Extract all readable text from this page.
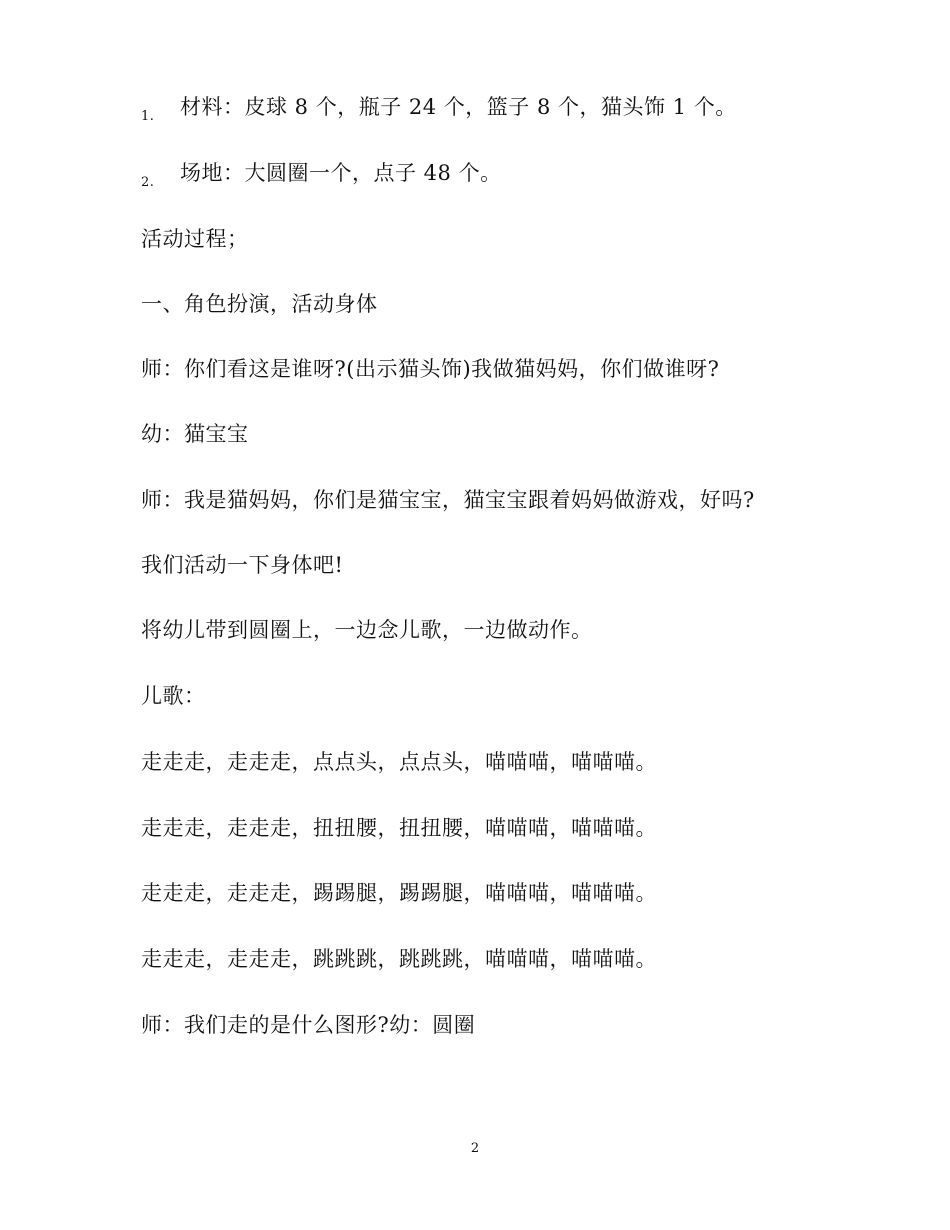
1. 材料：皮球 8 个，瓶子 24 个，篮子 8 个，猫头饰 1 个。
2. 场地：大圆圈一个，点子 48 个。
活动过程；
一、角色扮演，活动身体
师：你们看这是谁呀?(出示猫头饰)我做猫妈妈，你们做谁呀?
幼：猫宝宝
师：我是猫妈妈，你们是猫宝宝，猫宝宝跟着妈妈做游戏，好吗?
我们活动一下身体吧!
将幼儿带到圆圈上，一边念儿歌，一边做动作。
儿歌：
走走走，走走走，点点头，点点头，喵喵喵，喵喵喵。
走走走，走走走，扭扭腰，扭扭腰，喵喵喵，喵喵喵。
走走走，走走走，踢踢腿，踢踢腿，喵喵喵，喵喵喵。
走走走，走走走，跳跳跳，跳跳跳，喵喵喵，喵喵喵。
师：我们走的是什么图形?幼：圆圈
2
